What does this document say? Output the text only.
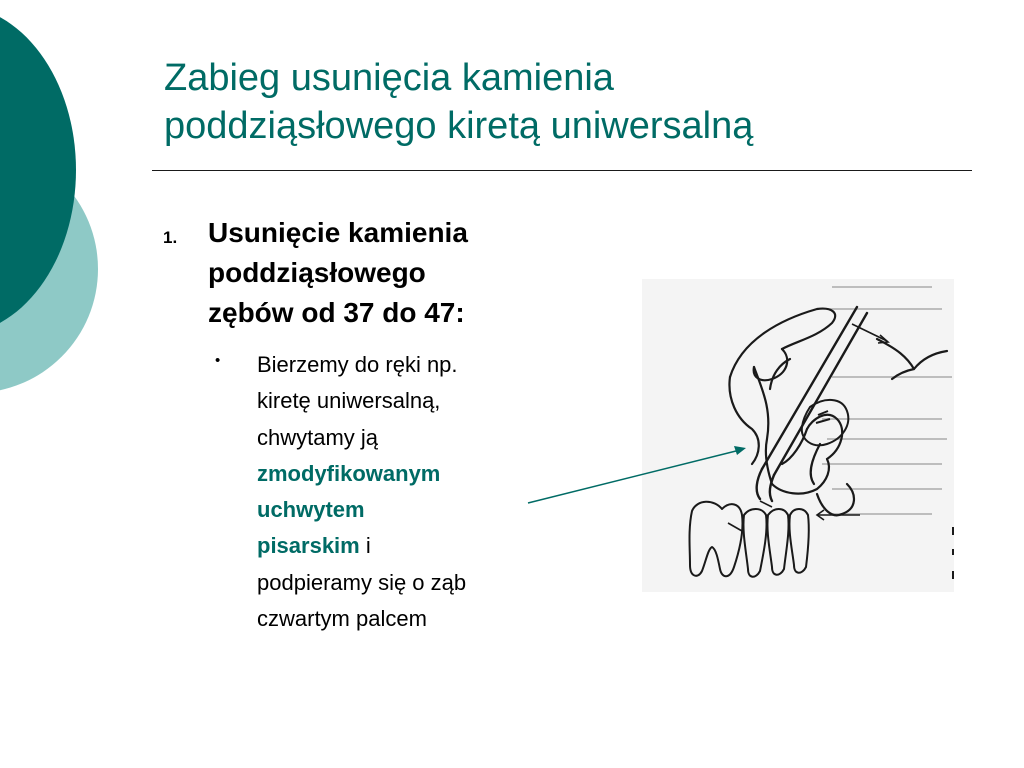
Zabieg usunięcia kamienia
poddziąsłowego kiretą uniwersalną
1. Usunięcie kamienia
poddziąsłowego
zębów od 37 do 47:
• Bierzemy do ręki np.
kiretę uniwersalną,
chwytamy ją
zmodyfikowanym
uchwytem
pisarskim i
podpieramy się o ząb
czwartym palcem
